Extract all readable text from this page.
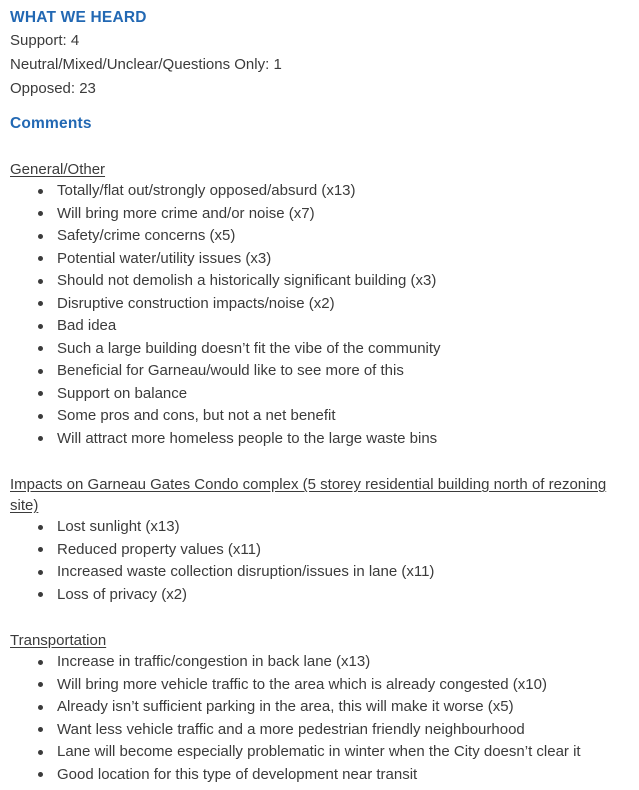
WHAT WE HEARD
Support: 4
Neutral/Mixed/Unclear/Questions Only: 1
Opposed: 23
Comments
General/Other
Totally/flat out/strongly opposed/absurd (x13)
Will bring more crime and/or noise (x7)
Safety/crime concerns (x5)
Potential water/utility issues (x3)
Should not demolish a historically significant building (x3)
Disruptive construction impacts/noise (x2)
Bad idea
Such a large building doesn’t fit the vibe of the community
Beneficial for Garneau/would like to see more of this
Support on balance
Some pros and cons, but not a net benefit
Will attract more homeless people to the large waste bins
Impacts on Garneau Gates Condo complex (5 storey residential building north of rezoning site)
Lost sunlight (x13)
Reduced property values (x11)
Increased waste collection disruption/issues in lane (x11)
Loss of privacy (x2)
Transportation
Increase in traffic/congestion in back lane (x13)
Will bring more vehicle traffic to the area which is already congested (x10)
Already isn’t sufficient parking in the area, this will make it worse (x5)
Want less vehicle traffic and a more pedestrian friendly neighbourhood
Lane will become especially problematic in winter when the City doesn’t clear it
Good location for this type of development near transit
